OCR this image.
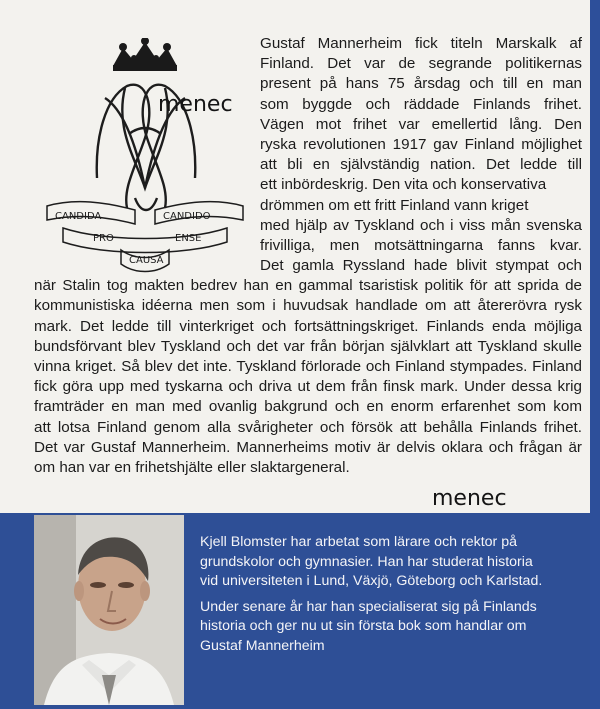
CANDIDA	CANDIDO
PRO	ENSE
CAUSA
menec
Gustaf Mannerheim fick titeln Marskalk af
Finland. Det var de segrande politikernas
present på hans 75 årsdag och till en man
som byggde och räddade Finlands frihet.
Vägen mot frihet var emellertid lång. Den
ryska revolutionen 1917 gav Finland möjlighet
att bli en självständig nation. Det ledde till
ett inbördeskrig. Den vita och konservativa
drömmen om ett fritt Finland vann kriget
med hjälp av Tyskland och i viss mån svenska
frivilliga, men motsättningarna fanns kvar.
Det gamla Ryssland hade blivit stympat och
när Stalin tog makten bedrev han en gammal tsaristisk politik för att sprida de
kommunistiska idéerna men som i huvudsak handlade om att återerövra rysk
mark. Det ledde till vinterkriget och fortsättningskriget. Finlands enda möjliga
bundsförvant blev Tyskland och det var från början självklart att Tyskland skulle
vinna kriget. Så blev det inte. Tyskland förlorade och Finland stympades. Finland
fick göra upp med tyskarna och driva ut dem från finsk mark. Under dessa krig
framträder en man med ovanlig bakgrund och en enorm erfarenhet som kom
att lotsa Finland genom alla svårigheter och försök att behålla Finlands frihet.
Det var Gustaf Mannerheim. Mannerheims motiv är delvis oklara och frågan är
om han var en frihetshjälte eller slaktargeneral.
menec

Kjell Blomster har arbetat som lärare och rektor på
grundskolor och gymnasier. Han har studerat historia
vid universiteten i Lund, Växjö, Göteborg och Karlstad.

Under senare år har han specialiserat sig på Finlands
historia och ger nu ut sin första bok som handlar om
Gustaf Mannerheim
